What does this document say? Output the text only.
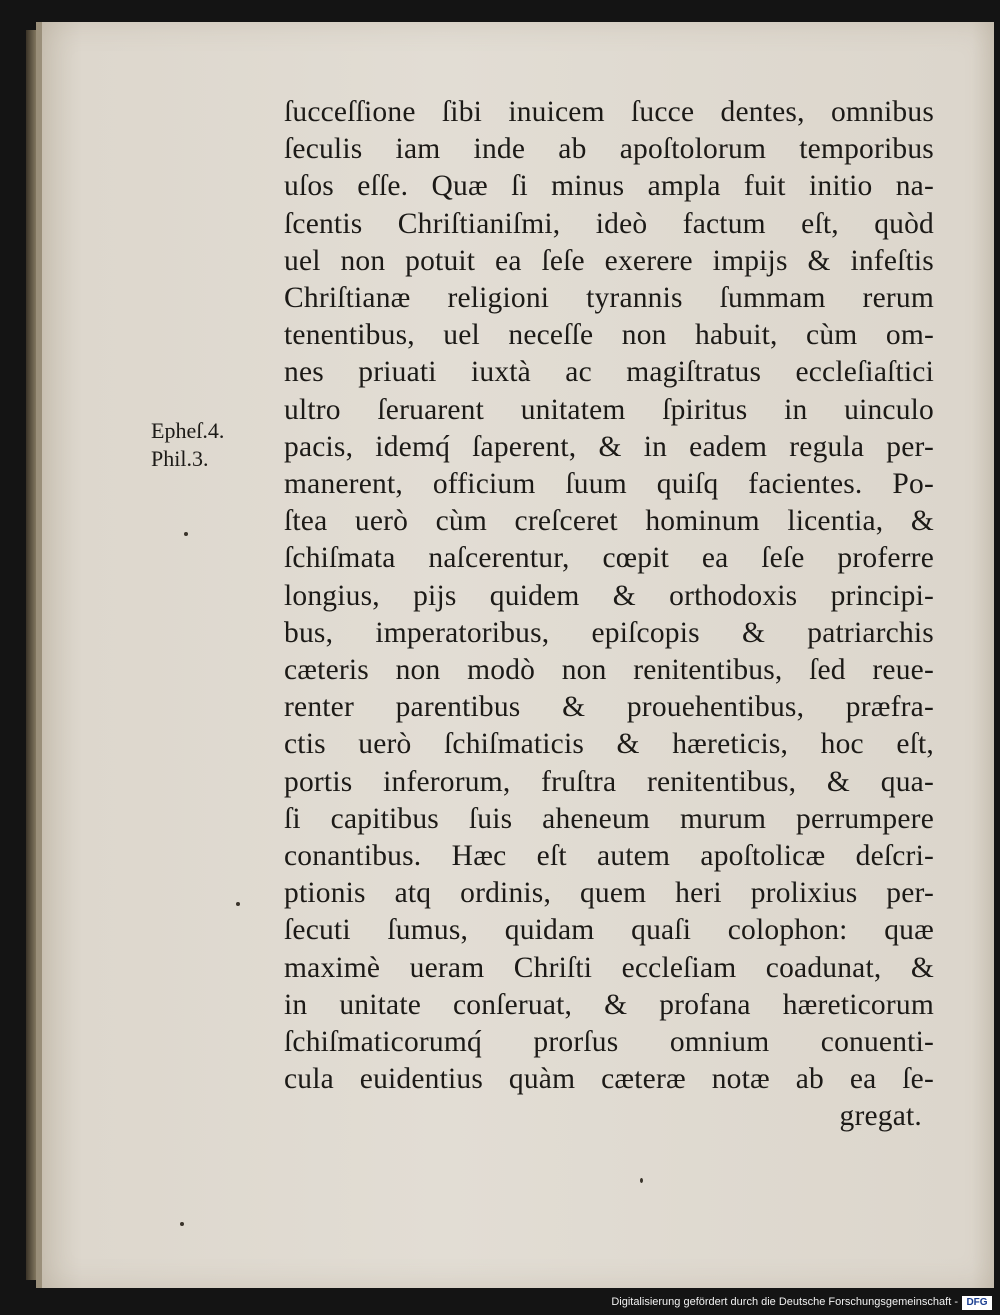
Epheſ.4.
Phil.3.
ſucceſſione ſibi inuicem ſucce dentes, omnibus
ſeculis iam inde ab apoſtolorum temporibus
uſos eſſe. Quæ ſi minus ampla fuit initio na-
ſcentis Chriſtianiſmi, ideò factum eſt, quòd
uel non potuit ea ſeſe exerere impijs & infeſtis
Chriſtianæ religioni tyrannis ſummam rerum
tenentibus, uel neceſſe non habuit, cùm om-
nes priuati iuxtà ac magiſtratus eccleſiaſtici
ultro ſeruarent unitatem ſpiritus in uinculo
pacis, idemq́ ſaperent, & in eadem regula per-
manerent, officium ſuum quiſq facientes. Po-
ſtea uerò cùm creſceret hominum licentia, &
ſchiſmata naſcerentur, cœpit ea ſeſe proferre
longius, pijs quidem & orthodoxis principi-
bus, imperatoribus, epiſcopis & patriarchis
cæteris non modò non renitentibus, ſed reue-
renter parentibus & prouehentibus, præfra-
ctis uerò ſchiſmaticis & hæreticis, hoc eſt,
portis inferorum, fruſtra renitentibus, & qua-
ſi capitibus ſuis aheneum murum perrumpere
conantibus. Hæc eſt autem apoſtolicæ deſcri-
ptionis atq ordinis, quem heri prolixius per-
ſecuti ſumus, quidam quaſi colophon: quæ
maximè ueram Chriſti eccleſiam coadunat, &
in unitate conſeruat, & profana hæreticorum
ſchiſmaticorumq́ prorſus omnium conuenti-
cula euidentius quàm cæteræ notæ ab ea ſe-
gregat.
Digitalisierung gefördert durch die Deutsche Forschungsgemeinschaft - DFG
